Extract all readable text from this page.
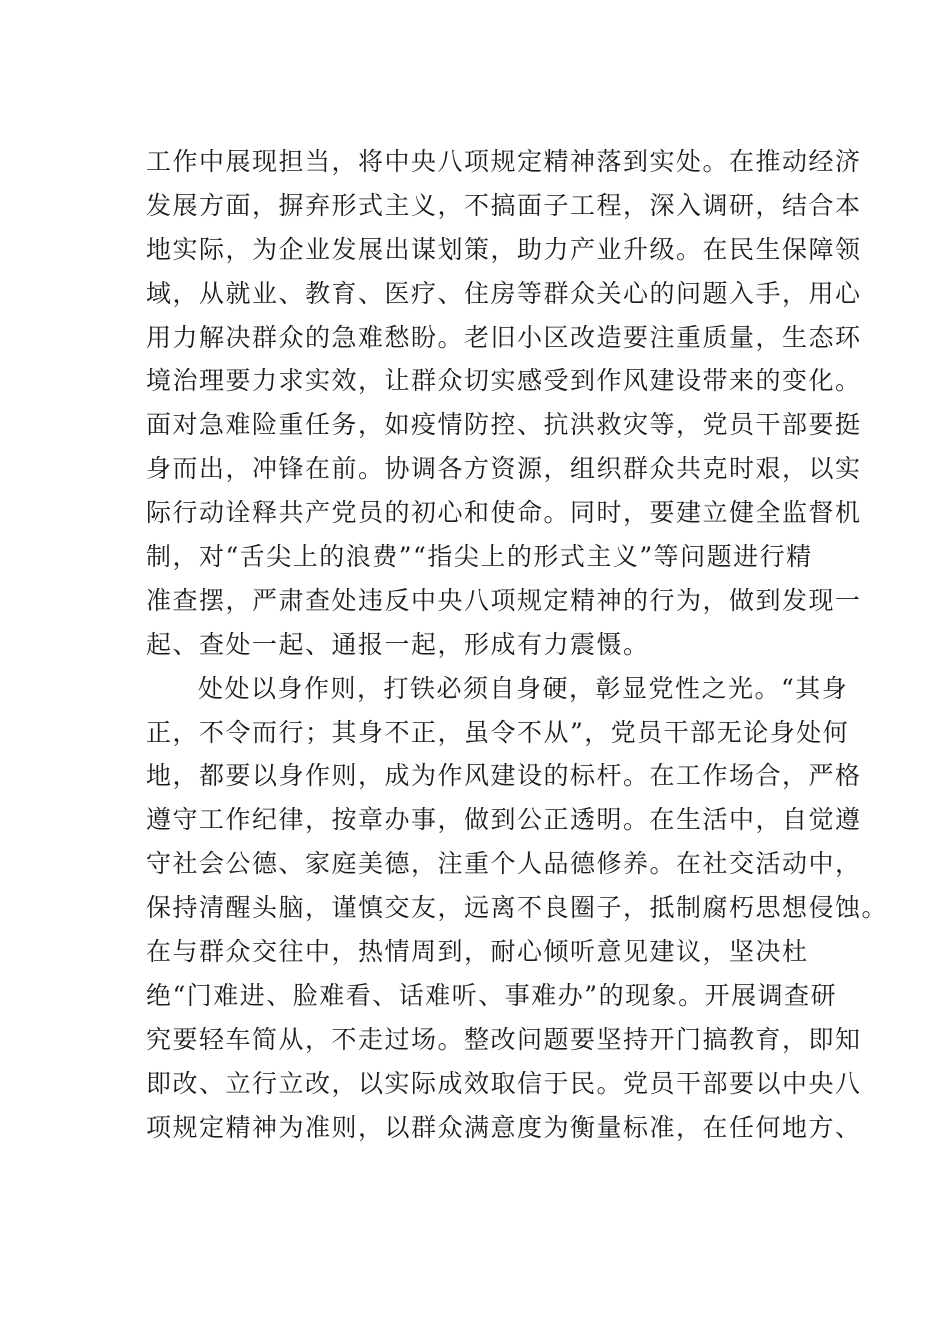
工作中展现担当，将中央八项规定精神落到实处。在推动经济
发展方面，摒弃形式主义，不搞面子工程，深入调研，结合本
地实际，为企业发展出谋划策，助力产业升级。在民生保障领
域，从就业、教育、医疗、住房等群众关心的问题入手，用心
用力解决群众的急难愁盼。老旧小区改造要注重质量，生态环
境治理要力求实效，让群众切实感受到作风建设带来的变化。
面对急难险重任务，如疫情防控、抗洪救灾等，党员干部要挺
身而出，冲锋在前。协调各方资源，组织群众共克时艰，以实
际行动诠释共产党员的初心和使命。同时，要建立健全监督机
制，对“舌尖上的浪费”“指尖上的形式主义”等问题进行精
准查摆，严肃查处违反中央八项规定精神的行为，做到发现一
起、查处一起、通报一起，形成有力震慑。
处处以身作则，打铁必须自身硬，彰显党性之光。“其身
正，不令而行；其身不正，虽令不从”，党员干部无论身处何
地，都要以身作则，成为作风建设的标杆。在工作场合，严格
遵守工作纪律，按章办事，做到公正透明。在生活中，自觉遵
守社会公德、家庭美德，注重个人品德修养。在社交活动中，
保持清醒头脑，谨慎交友，远离不良圈子，抵制腐朽思想侵蚀。
在与群众交往中，热情周到，耐心倾听意见建议，坚决杜
绝“门难进、脸难看、话难听、事难办”的现象。开展调查研
究要轻车简从，不走过场。整改问题要坚持开门搞教育，即知
即改、立行立改，以实际成效取信于民。党员干部要以中央八
项规定精神为准则，以群众满意度为衡量标准，在任何地方、
